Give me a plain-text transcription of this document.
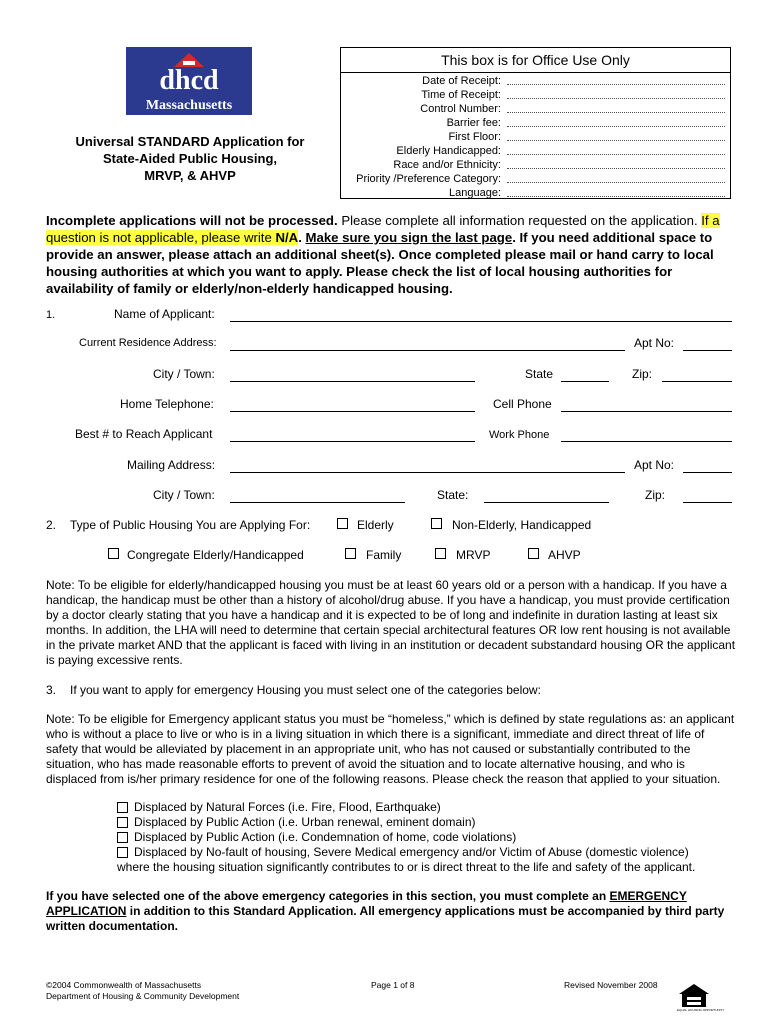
dhcd
Massachusetts
Universal STANDARD Application for
State-Aided Public Housing,
MRVP, & AHVP
This box is for Office Use Only
Date of Receipt:
Time of Receipt:
Control Number:
Barrier fee:
First Floor:
Elderly Handicapped:
Race and/or Ethnicity:
Priority /Preference Category:
Language:
Incomplete applications will not be processed. Please complete all information requested on the application. If a question is not applicable, please write N/A. Make sure you sign the last page. If you need additional space to provide an answer, please attach an additional sheet(s). Once completed please mail or hand carry to local housing authorities at which you want to apply. Please check the list of local housing authorities for availability of family or elderly/non-elderly handicapped housing.
1.	Name of Applicant:
Current Residence Address:	Apt No:
City / Town:	State	Zip:
Home Telephone:	Cell Phone
Best # to Reach Applicant	Work Phone
Mailing Address:	Apt No:
City / Town:	State:	Zip:
2. Type of Public Housing You are Applying For:	Elderly	Non-Elderly, Handicapped
Congregate Elderly/Handicapped	Family	MRVP	AHVP
Note: To be eligible for elderly/handicapped housing you must be at least 60 years old or a person with a handicap. If you have a handicap, the handicap must be other than a history of alcohol/drug abuse. If you have a handicap, you must provide certification by a doctor clearly stating that you have a handicap and it is expected to be of long and indefinite in duration lasting at least six months. In addition, the LHA will need to determine that certain special architectural features OR low rent housing is not available in the private market AND that the applicant is faced with living in an institution or decadent substandard housing OR the applicant is paying excessive rents.
3. If you want to apply for emergency Housing you must select one of the categories below:
Note: To be eligible for Emergency applicant status you must be “homeless,” which is defined by state regulations as: an applicant who is without a place to live or who is in a living situation in which there is a significant, immediate and direct threat of life of safety that would be alleviated by placement in an appropriate unit, who has not caused or substantially contributed to the situation, who has made reasonable efforts to prevent of avoid the situation and to locate alternative housing, and who is displaced from is/her primary residence for one of the following reasons. Please check the reason that applied to your situation.
Displaced by Natural Forces (i.e. Fire, Flood, Earthquake)
Displaced by Public Action (i.e. Urban renewal, eminent domain)
Displaced by Public Action (i.e. Condemnation of home, code violations)
Displaced by No-fault of housing, Severe Medical emergency and/or Victim of Abuse (domestic violence)
where the housing situation significantly contributes to or is direct threat to the life and safety of the applicant.
If you have selected one of the above emergency categories in this section, you must complete an EMERGENCY APPLICATION in addition to this Standard Application. All emergency applications must be accompanied by third party written documentation.
©2004 Commonwealth of Massachusetts
Department of Housing & Community Development
Page 1 of 8	Revised November 2008
EQUAL HOUSING OPPORTUNITY
